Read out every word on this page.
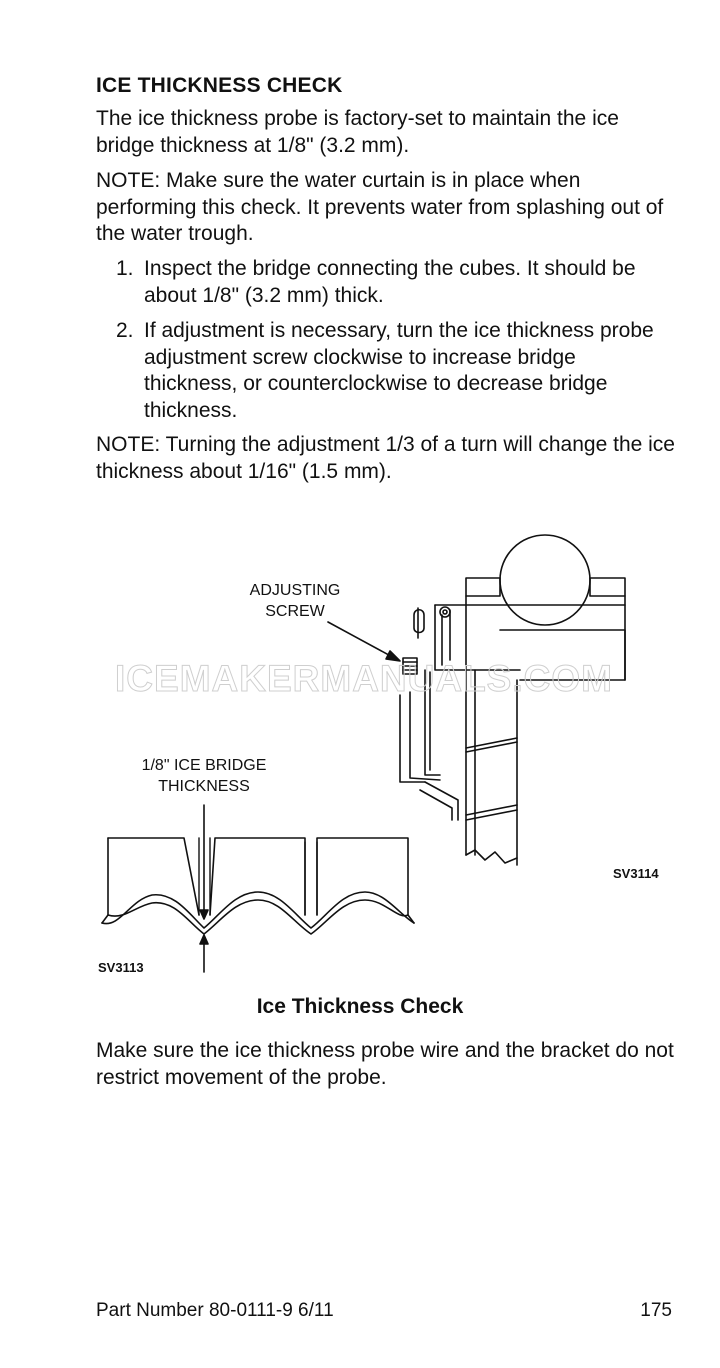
ICE THICKNESS CHECK
The ice thickness probe is factory-set to maintain the ice bridge thickness at 1/8" (3.2 mm).
NOTE: Make sure the water curtain is in place when performing this check. It prevents water from splashing out of the water trough.
1. Inspect the bridge connecting the cubes. It should be about 1/8" (3.2 mm) thick.
2. If adjustment is necessary, turn the ice thickness probe adjustment screw clockwise to increase bridge thickness, or counterclockwise to decrease bridge thickness.
NOTE: Turning the adjustment 1/3 of a turn will change the ice thickness about 1/16" (1.5 mm).
ADJUSTING
SCREW
1/8" ICE BRIDGE
THICKNESS
SV3113
SV3114
ICEMAKERMANUALS.COM
Ice Thickness Check
Make sure the ice thickness probe wire and the bracket do not restrict movement of the probe.
Part Number 80-0111-9 6/11	175
